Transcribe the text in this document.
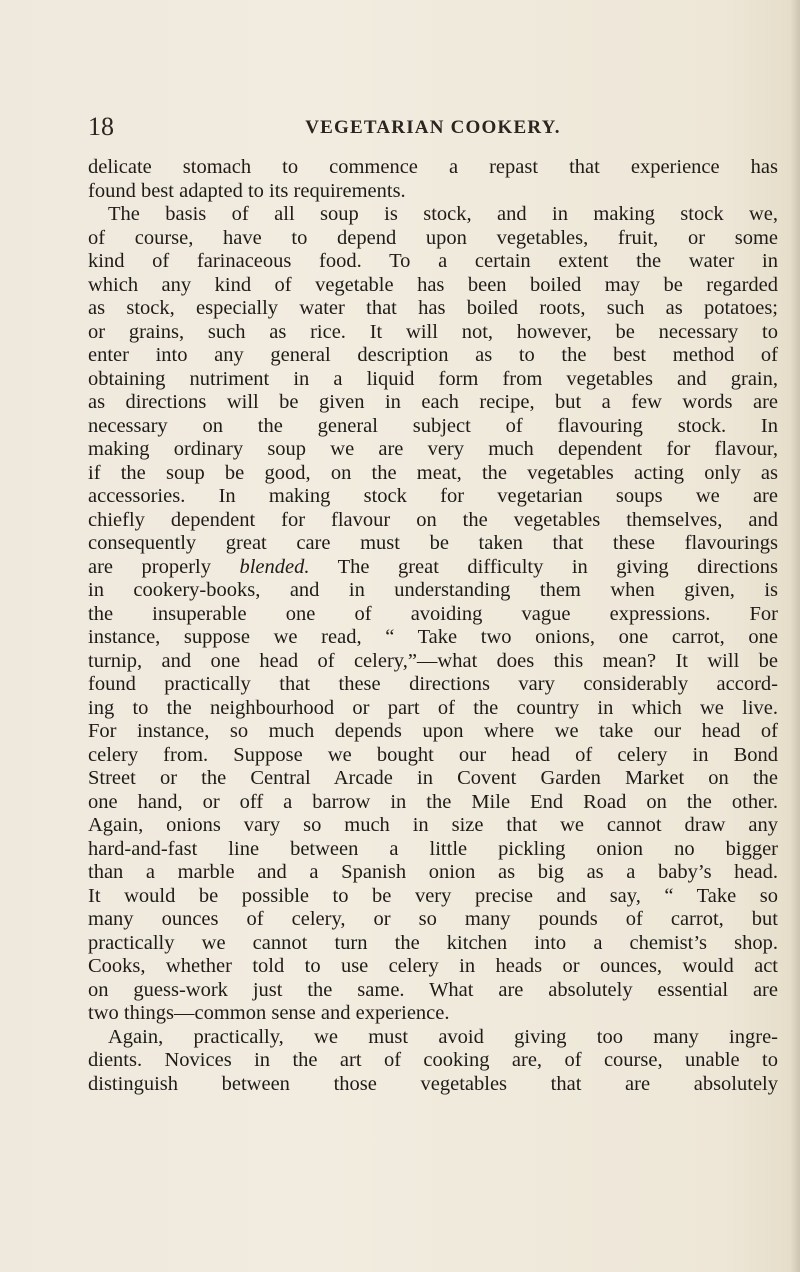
18	VEGETARIAN COOKERY.
delicate stomach to commence a repast that experience has
found best adapted to its requirements.
The basis of all soup is stock, and in making stock we,
of course, have to depend upon vegetables, fruit, or some
kind of farinaceous food. To a certain extent the water in
which any kind of vegetable has been boiled may be regarded
as stock, especially water that has boiled roots, such as potatoes;
or grains, such as rice. It will not, however, be necessary to
enter into any general description as to the best method of
obtaining nutriment in a liquid form from vegetables and grain,
as directions will be given in each recipe, but a few words are
necessary on the general subject of flavouring stock. In
making ordinary soup we are very much dependent for flavour,
if the soup be good, on the meat, the vegetables acting only as
accessories. In making stock for vegetarian soups we are
chiefly dependent for flavour on the vegetables themselves, and
consequently great care must be taken that these flavourings
are properly blended. The great difficulty in giving directions
in cookery-books, and in understanding them when given, is
the insuperable one of avoiding vague expressions. For
instance, suppose we read, “ Take two onions, one carrot, one
turnip, and one head of celery,”—what does this mean? It will be
found practically that these directions vary considerably accord-
ing to the neighbourhood or part of the country in which we live.
For instance, so much depends upon where we take our head of
celery from. Suppose we bought our head of celery in Bond
Street or the Central Arcade in Covent Garden Market on the
one hand, or off a barrow in the Mile End Road on the other.
Again, onions vary so much in size that we cannot draw any
hard-and-fast line between a little pickling onion no bigger
than a marble and a Spanish onion as big as a baby’s head.
It would be possible to be very precise and say, “ Take so
many ounces of celery, or so many pounds of carrot, but
practically we cannot turn the kitchen into a chemist’s shop.
Cooks, whether told to use celery in heads or ounces, would act
on guess-work just the same. What are absolutely essential are
two things—common sense and experience.
Again, practically, we must avoid giving too many ingre-
dients. Novices in the art of cooking are, of course, unable to
distinguish between those vegetables that are absolutely
